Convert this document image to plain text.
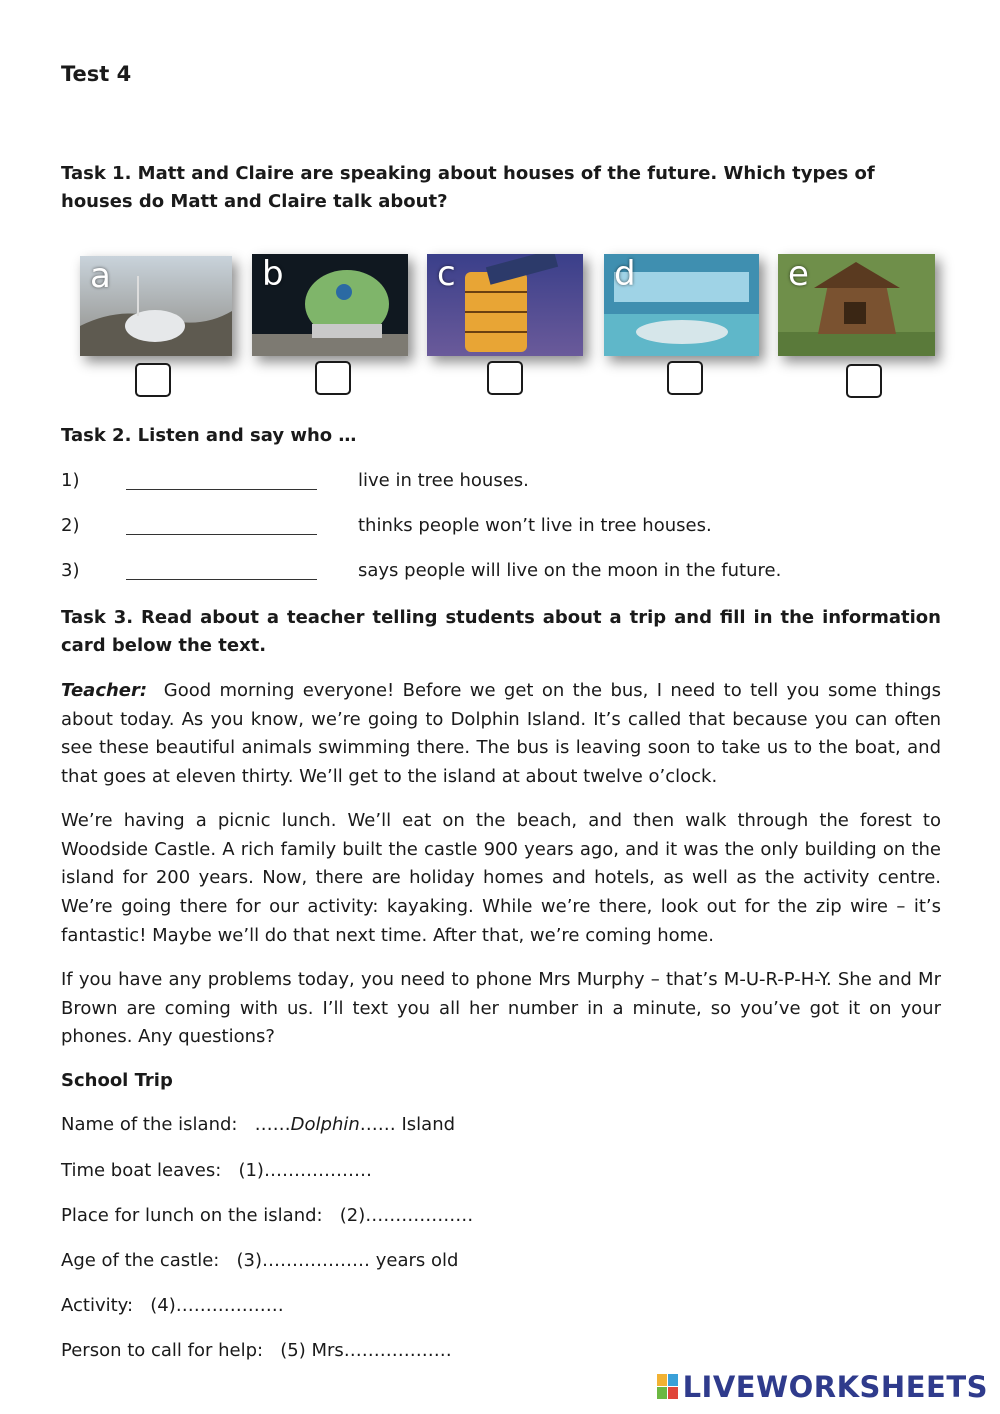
Test 4
Task 1. Matt and Claire are speaking about houses of the future. Which types of houses do Matt and Claire talk about?
a	b	c	d	e
Task 2. Listen and say who …
1)	live in tree houses.
2)	thinks people won’t live in tree houses.
3)	says people will live on the moon in the future.
Task 3. Read about a teacher telling students about a trip and fill in the information card below the text.
Teacher: Good morning everyone! Before we get on the bus, I need to tell you some things about today. As you know, we’re going to Dolphin Island. It’s called that because you can often see these beautiful animals swimming there. The bus is leaving soon to take us to the boat, and that goes at eleven thirty. We’ll get to the island at about twelve o’clock.
We’re having a picnic lunch. We’ll eat on the beach, and then walk through the forest to Woodside Castle. A rich family built the castle 900 years ago, and it was the only building on the island for 200 years. Now, there are holiday homes and hotels, as well as the activity centre. We’re going there for our activity: kayaking. While we’re there, look out for the zip wire – it’s fantastic! Maybe we’ll do that next time. After that, we’re coming home.
If you have any problems today, you need to phone Mrs Murphy – that’s M-U-R-P-H-Y. She and Mr Brown are coming with us. I’ll text you all her number in a minute, so you’ve got it on your phones. Any questions?
School Trip
Name of the island: ……Dolphin…… Island
Time boat leaves:   (1)………………
Place for lunch on the island:   (2)………………
Age of the castle:   (3)……………… years old
Activity:   (4)………………
Person to call for help:   (5) Mrs………………
LIVEWORKSHEETS
